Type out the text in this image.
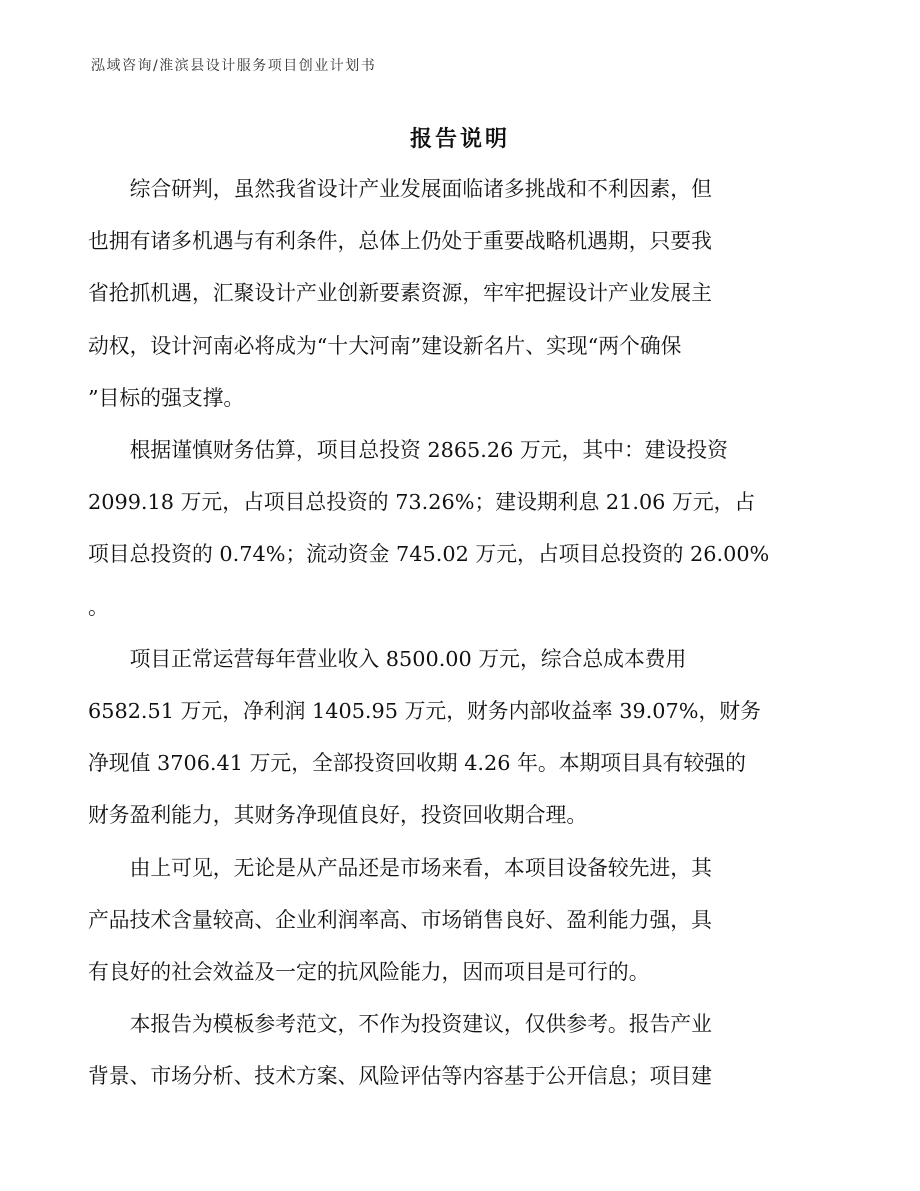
泓域咨询/淮滨县设计服务项目创业计划书
报告说明
综合研判，虽然我省设计产业发展面临诸多挑战和不利因素，但
也拥有诸多机遇与有利条件，总体上仍处于重要战略机遇期，只要我
省抢抓机遇，汇聚设计产业创新要素资源，牢牢把握设计产业发展主
动权，设计河南必将成为“十大河南”建设新名片、实现“两个确保
”目标的强支撑。
根据谨慎财务估算，项目总投资 2865.26 万元，其中：建设投资
2099.18 万元，占项目总投资的 73.26%；建设期利息 21.06 万元，占
项目总投资的 0.74%；流动资金 745.02 万元，占项目总投资的 26.00%
。
项目正常运营每年营业收入 8500.00 万元，综合总成本费用
6582.51 万元，净利润 1405.95 万元，财务内部收益率 39.07%，财务
净现值 3706.41 万元，全部投资回收期 4.26 年。本期项目具有较强的
财务盈利能力，其财务净现值良好，投资回收期合理。
由上可见，无论是从产品还是市场来看，本项目设备较先进，其
产品技术含量较高、企业利润率高、市场销售良好、盈利能力强，具
有良好的社会效益及一定的抗风险能力，因而项目是可行的。
本报告为模板参考范文，不作为投资建议，仅供参考。报告产业
背景、市场分析、技术方案、风险评估等内容基于公开信息；项目建
